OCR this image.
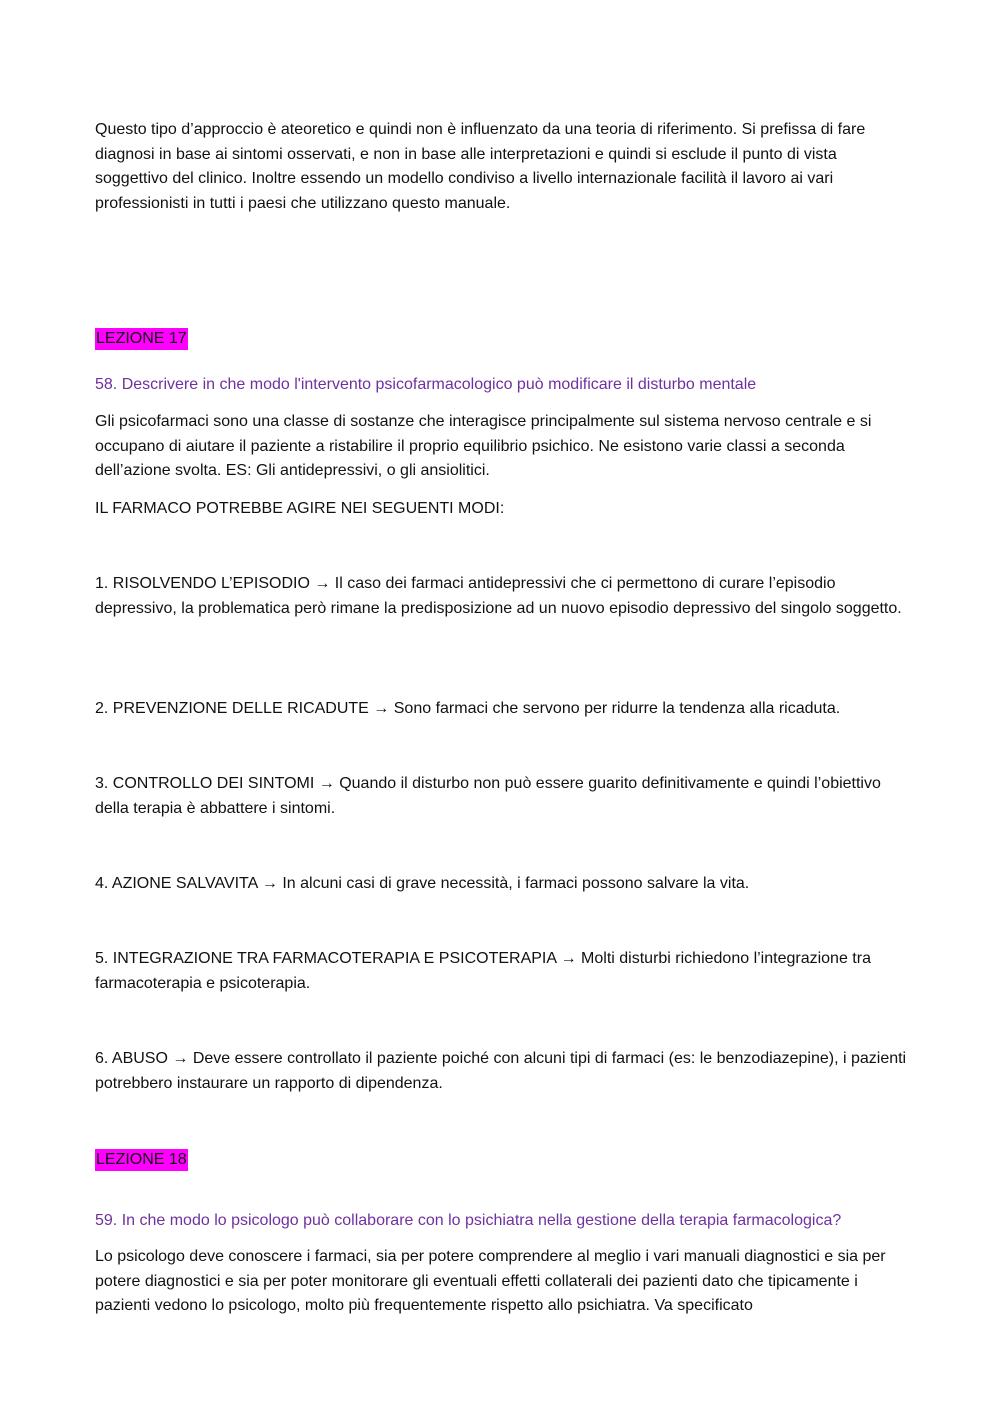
Questo tipo d’approccio è ateoretico e quindi non è influenzato da una teoria di riferimento. Si prefissa di fare diagnosi in base ai sintomi osservati, e non in base alle interpretazioni e quindi si esclude il punto di vista soggettivo del clinico. Inoltre essendo un modello condiviso a livello internazionale facilità il lavoro ai vari professionisti in tutti i paesi che utilizzano questo manuale.

LEZIONE 17

58. Descrivere in che modo l'intervento psicofarmacologico può modificare il disturbo mentale

Gli psicofarmaci sono una classe di sostanze che interagisce principalmente sul sistema nervoso centrale e si occupano di aiutare il paziente a ristabilire il proprio equilibrio psichico. Ne esistono varie classi a seconda dell’azione svolta. ES: Gli antidepressivi, o gli ansiolitici.

IL FARMACO POTREBBE AGIRE NEI SEGUENTI MODI:

1. RISOLVENDO L’EPISODIO → Il caso dei farmaci antidepressivi che ci permettono di curare l’episodio depressivo, la problematica però rimane la predisposizione ad un nuovo episodio depressivo del singolo soggetto.

2. PREVENZIONE DELLE RICADUTE → Sono farmaci che servono per ridurre la tendenza alla ricaduta.

3. CONTROLLO DEI SINTOMI → Quando il disturbo non può essere guarito definitivamente e quindi l’obiettivo della terapia è abbattere i sintomi.

4. AZIONE SALVAVITA → In alcuni casi di grave necessità, i farmaci possono salvare la vita.

5. INTEGRAZIONE TRA FARMACOTERAPIA E PSICOTERAPIA → Molti disturbi richiedono l’integrazione tra farmacoterapia e psicoterapia.

6. ABUSO → Deve essere controllato il paziente poiché con alcuni tipi di farmaci (es: le benzodiazepine), i pazienti potrebbero instaurare un rapporto di dipendenza.

LEZIONE 18

59. In che modo lo psicologo può collaborare con lo psichiatra nella gestione della terapia farmacologica?

Lo psicologo deve conoscere i farmaci, sia per potere comprendere al meglio i vari manuali diagnostici e sia per potere diagnostici e sia per poter monitorare gli eventuali effetti collaterali dei pazienti dato che tipicamente i pazienti vedono lo psicologo, molto più frequentemente rispetto allo psichiatra. Va specificato
